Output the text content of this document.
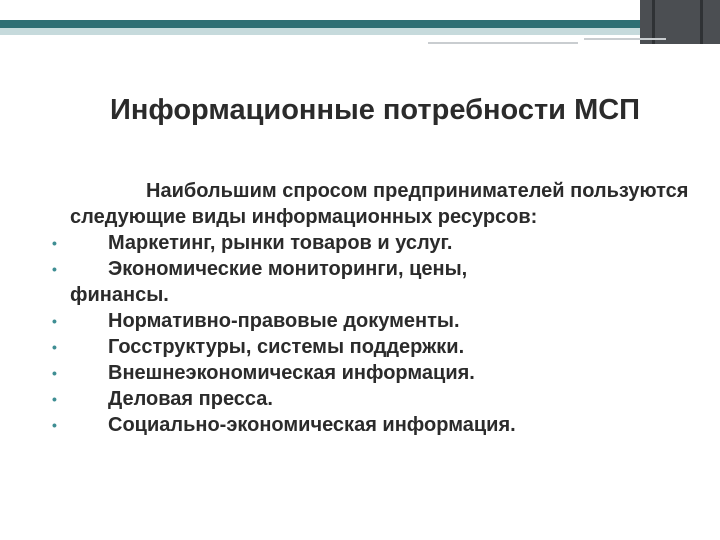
Информационные потребности МСП
Наибольшим спросом предпринимателей пользуются следующие виды информационных ресурсов:
•	Маркетинг, рынки товаров и услуг.
•	Экономические мониторинги, цены,
финансы.
•	Нормативно-правовые документы.
•	Госструктуры, системы поддержки.
•	Внешнеэкономическая информация.
•	Деловая пресса.
•	Социально-экономическая информация.
